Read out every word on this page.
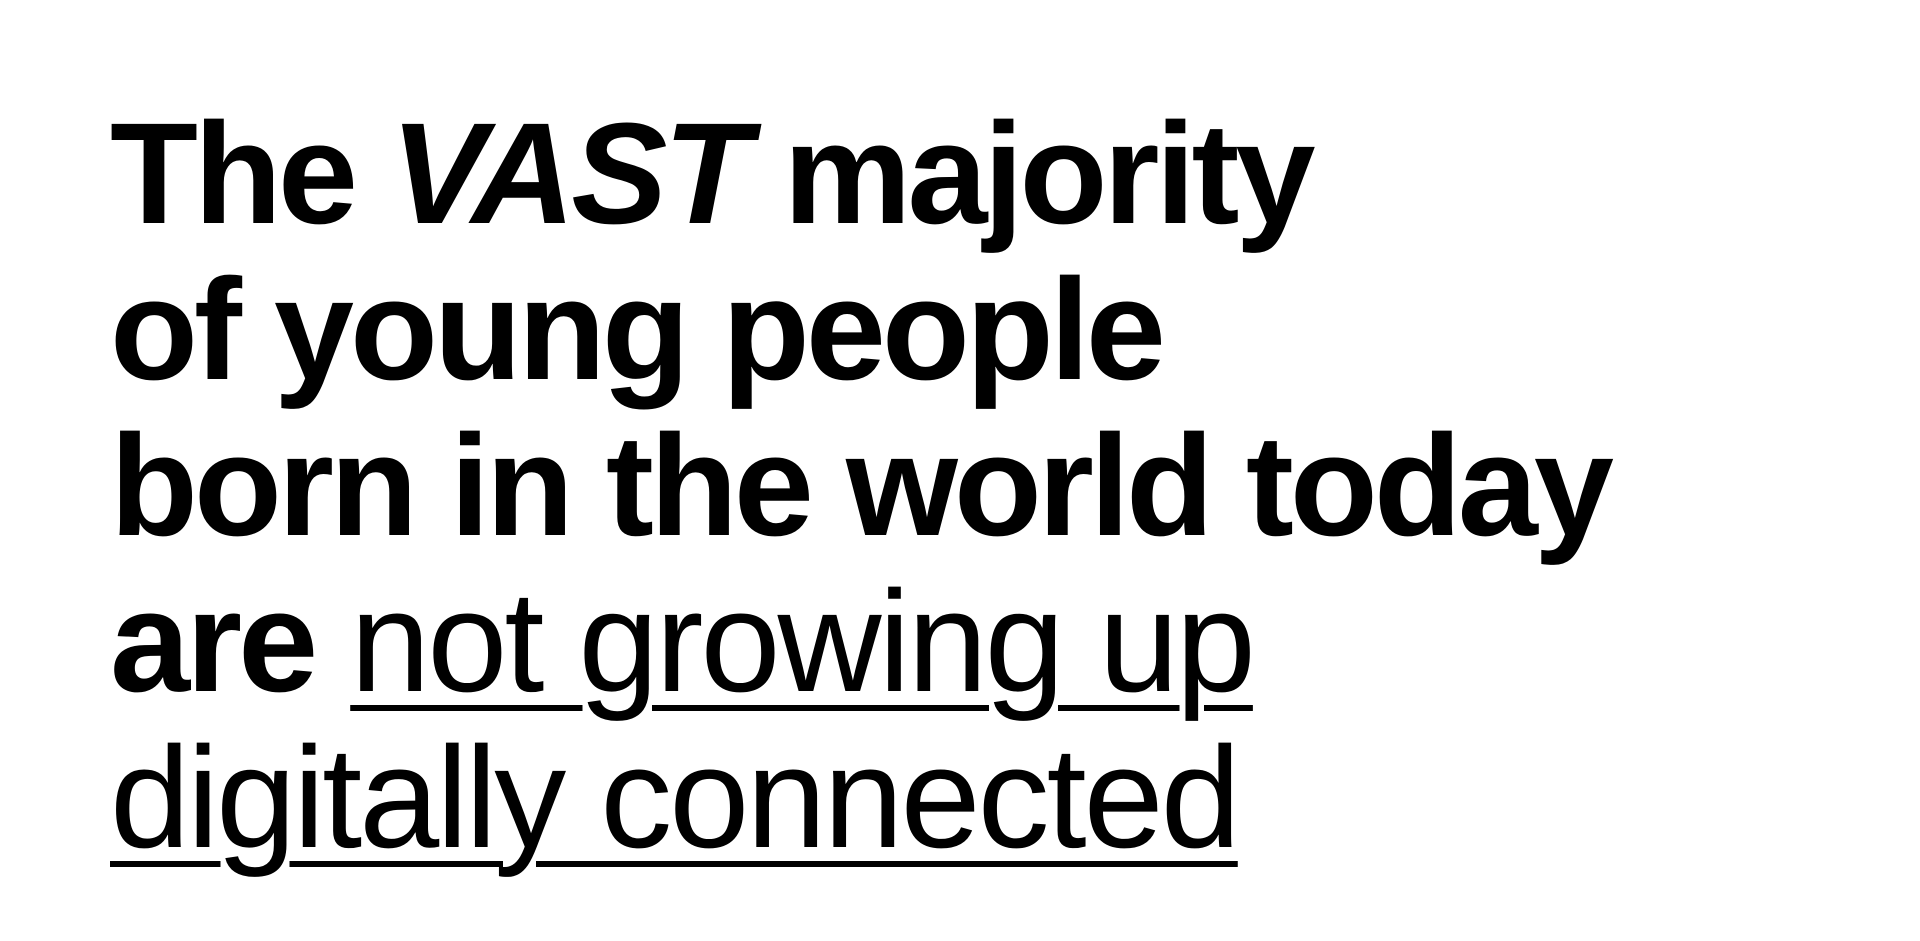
The VAST majority
of young people
born in the world today
are not growing up
digitally connected
